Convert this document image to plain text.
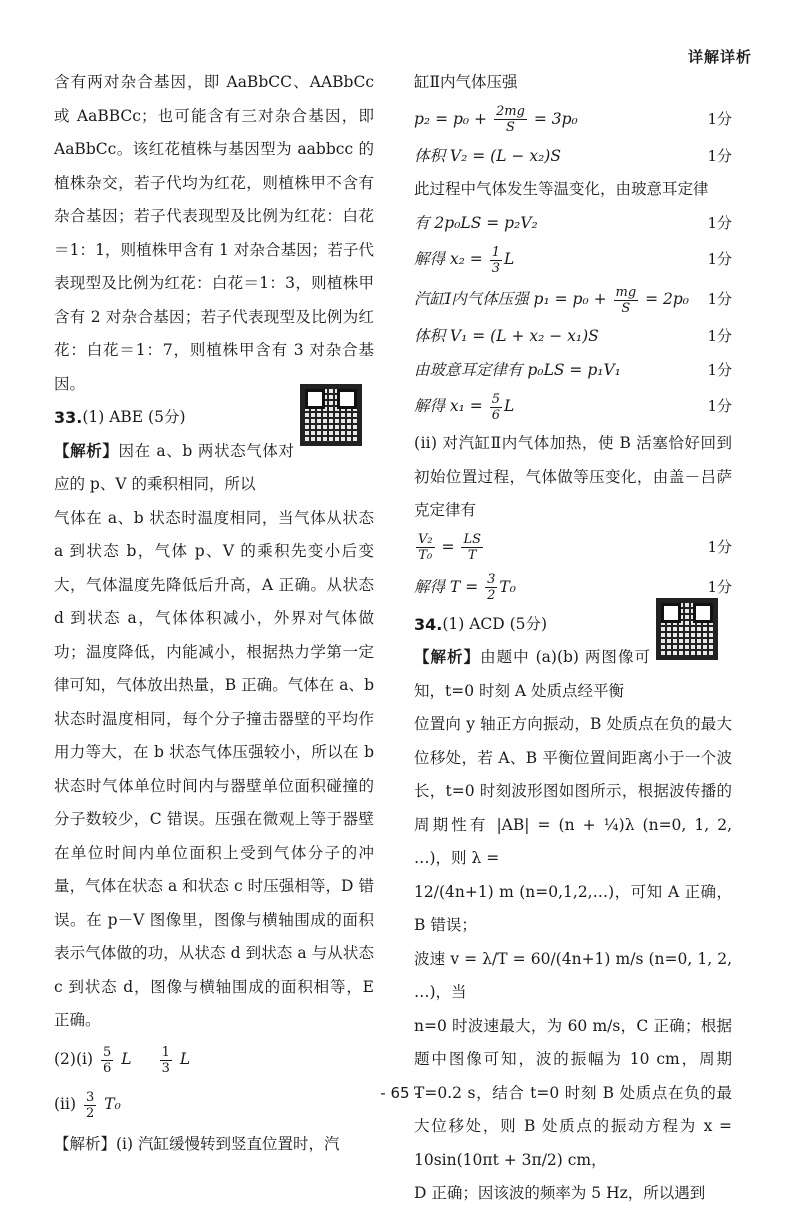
详解详析

含有两对杂合基因，即 AaBbCC、AABbCc 或 AaBBCc；也可能含有三对杂合基因，即 AaBbCc。该红花植株与基因型为 aabbcc 的植株杂交，若子代均为红花，则植株甲不含有杂合基因；若子代表现型及比例为红花：白花＝1：1，则植株甲含有 1 对杂合基因；若子代表现型及比例为红花：白花＝1：3，则植株甲含有 2 对杂合基因；若子代表现型及比例为红花：白花＝1：7，则植株甲含有 3 对杂合基因。

33. (1) ABE (5分)

【解析】因在 a、b 两状态气体对应的 p、V 的乘积相同，所以

气体在 a、b 状态时温度相同，当气体从状态 a 到状态 b，气体 p、V 的乘积先变小后变大，气体温度先降低后升高，A 正确。从状态 d 到状态 a，气体体积减小，外界对气体做功；温度降低，内能减小，根据热力学第一定律可知，气体放出热量，B 正确。气体在 a、b 状态时温度相同，每个分子撞击器壁的平均作用力等大，在 b 状态气体压强较小，所以在 b 状态时气体单位时间内与器壁单位面积碰撞的分子数较少，C 错误。压强在微观上等于器壁在单位时间内单位面积上受到气体分子的冲量，气体在状态 a 和状态 c 时压强相等，D 错误。在 p－V 图像里，图像与横轴围成的面积表示气体做的功，从状态 d 到状态 a 与从状态 c 到状态 d，图像与横轴围成的面积相等，E 正确。

(2)(ⅰ) $\frac{5}{6}$ L $\frac{1}{3}$ L
(ⅱ) $\frac{3}{2} T_0$

【解析】(ⅰ) 汽缸缓慢转到竖直位置时，汽

缸Ⅱ内气体压强

$p_2 = p_0 + \frac{2mg}{S} = 3p_0$	1分
体积 V₂ = (L − x₂)S	1分

此过程中气体发生等温变化，由玻意耳定律

有 2p₀LS = p₂V₂	1分
解得 $x_2 = \frac{1}{3}$ L	1分
汽缸Ⅰ内气体压强 $p_1 = p_0 + \frac{mg}{S} = 2p_0$ 1分
体积 V₁ = (L + x₂ − x₁)S	1分
由玻意耳定律有 p₀LS = p₁V₁	1分
解得 $x_1 = \frac{5}{6}$ L	1分

(ⅱ) 对汽缸Ⅱ内气体加热，使 B 活塞恰好回到初始位置过程，气体做等压变化，由盖－吕萨克定律有

$\frac{\text{V₂}}{\text{T₀}} = \frac{LS}{T}$	1分
解得 $T = \frac{3}{2} T_0$	1分
34. (1) ACD (5分)

【解析】由题中 (a)(b) 两图像可知，t=0 时刻 A 处质点经平衡

位置向 y 轴正方向振动，B 处质点在负的最大位移处，若 A、B 平衡位置间距离小于一个波长，t=0 时刻波形图如图所示，根据波传播的周期性有 |AB| = (n + ¼)λ (n=0, 1, 2, …)，则 λ =

12/(4n+1) m (n=0,1,2,…)，可知 A 正确，B 错误；

波速 v = λ/T = 60/(4n+1) m/s (n=0, 1, 2, …)，当

n=0 时波速最大，为 60 m/s，C 正确；根据题中图像可知，波的振幅为 10 cm，周期 T=0.2 s，结合 t=0 时刻 B 处质点在负的最大位移处，则 B 处质点的振动方程为 x = 10sin(10πt + 3π/2) cm，

D 正确；因该波的频率为 5 Hz，所以遇到

- 65 -
